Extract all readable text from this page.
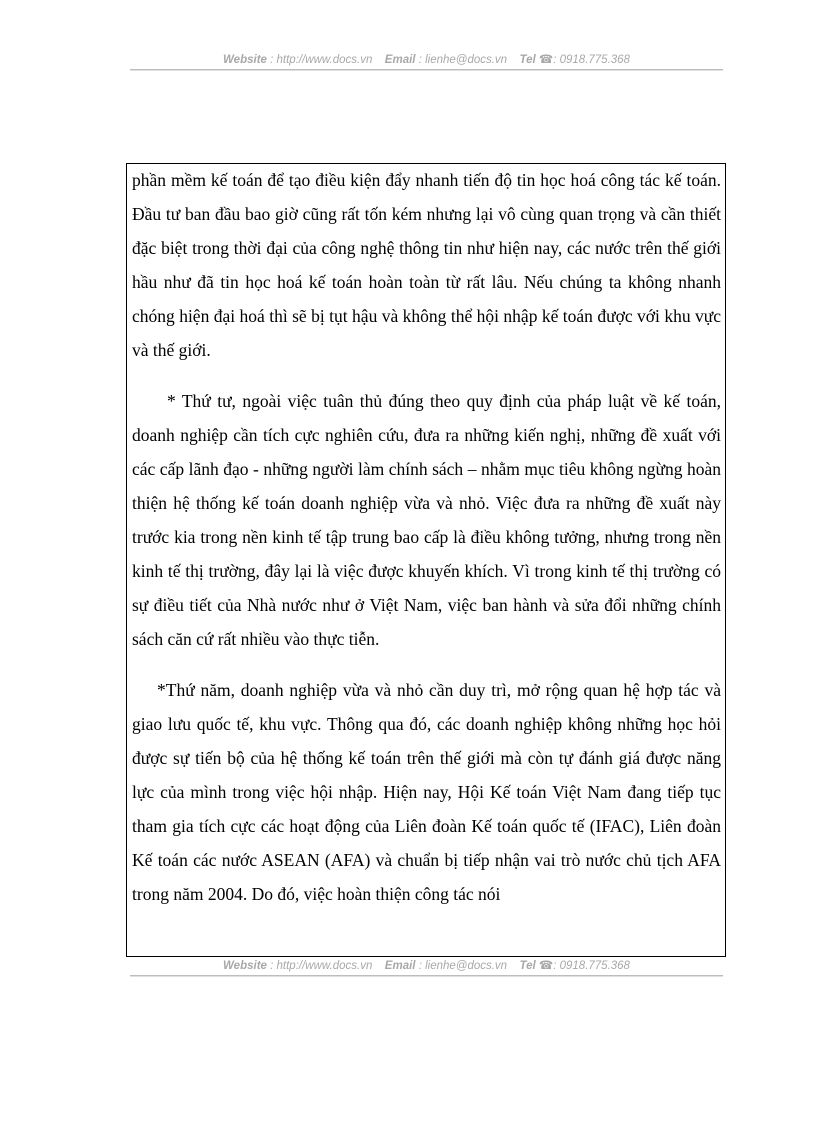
Website : http://www.docs.vn Email : lienhe@docs.vn Tel ☎: 0918.775.368

phần mềm kế toán để tạo điều kiện đẩy nhanh tiến độ tin học hoá công tác kế toán. Đầu tư ban đầu bao giờ cũng rất tốn kém nhưng lại vô cùng quan trọng và cần thiết đặc biệt trong thời đại của công nghệ thông tin như hiện nay, các nước trên thế giới hầu như đã tin học hoá kế toán hoàn toàn từ rất lâu. Nếu chúng ta không nhanh chóng hiện đại hoá thì sẽ bị tụt hậu và không thể hội nhập kế toán được với khu vực và thế giới.

* Thứ tư, ngoài việc tuân thủ đúng theo quy định của pháp luật về kế toán, doanh nghiệp cần tích cực nghiên cứu, đưa ra những kiến nghị, những đề xuất với các cấp lãnh đạo - những người làm chính sách – nhằm mục tiêu không ngừng hoàn thiện hệ thống kế toán doanh nghiệp vừa và nhỏ. Việc đưa ra những đề xuất này trước kia trong nền kinh tế tập trung bao cấp là điều không tưởng, nhưng trong nền kinh tế thị trường, đây lại là việc được khuyến khích. Vì trong kinh tế thị trường có sự điều tiết của Nhà nước như ở Việt Nam, việc ban hành và sửa đổi những chính sách căn cứ rất nhiều vào thực tiễn.

*Thứ năm, doanh nghiệp vừa và nhỏ cần duy trì, mở rộng quan hệ hợp tác và giao lưu quốc tế, khu vực. Thông qua đó, các doanh nghiệp không những học hỏi được sự tiến bộ của hệ thống kế toán trên thế giới mà còn tự đánh giá được năng lực của mình trong việc hội nhập. Hiện nay, Hội Kế toán Việt Nam đang tiếp tục tham gia tích cực các hoạt động của Liên đoàn Kế toán quốc tế (IFAC), Liên đoàn Kế toán các nước ASEAN (AFA) và chuẩn bị tiếp nhận vai trò nước chủ tịch AFA trong năm 2004. Do đó, việc hoàn thiện công tác nói

Website : http://www.docs.vn Email : lienhe@docs.vn Tel ☎: 0918.775.368
